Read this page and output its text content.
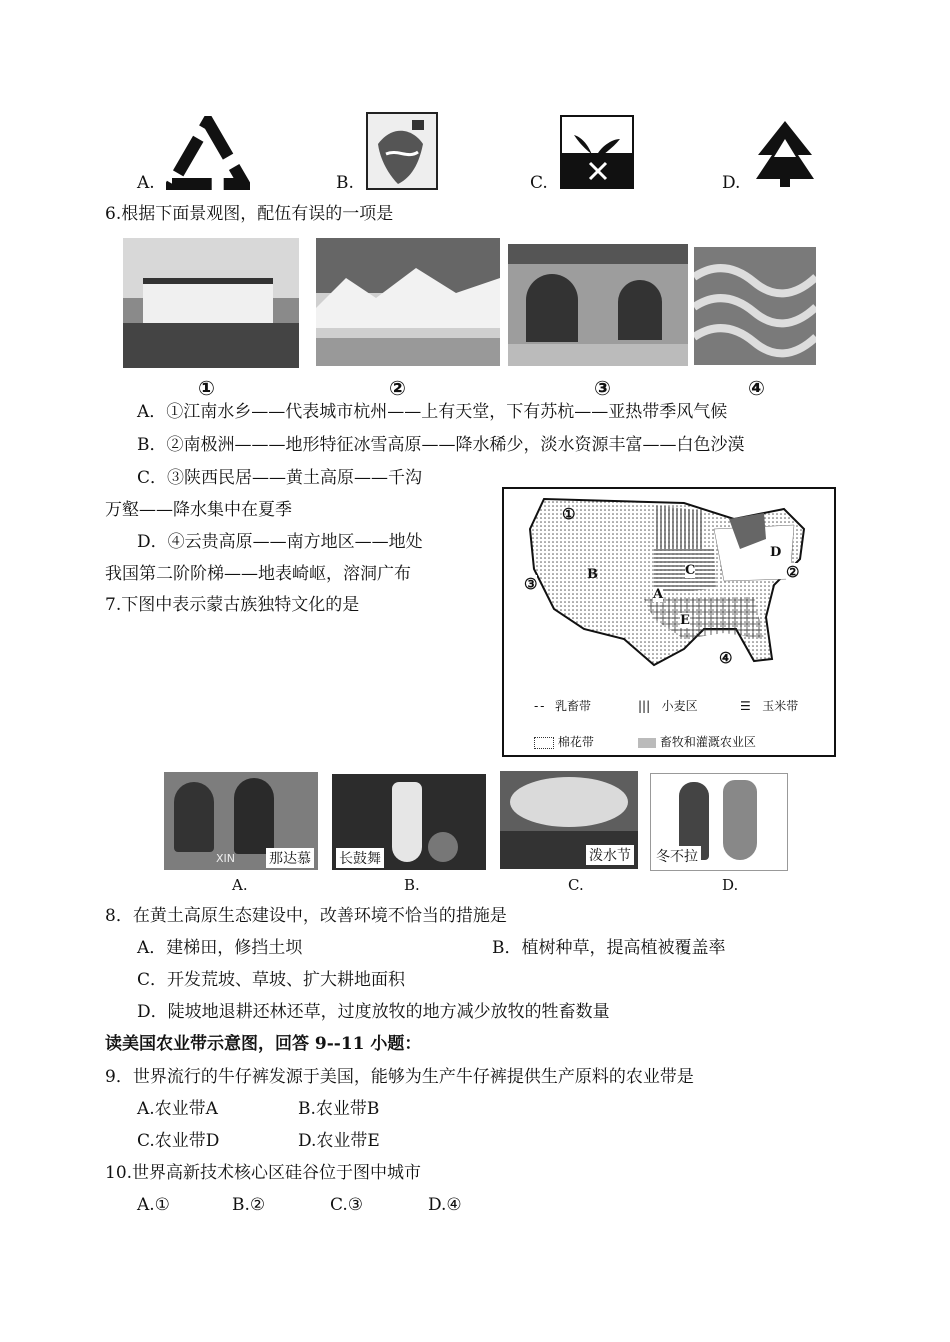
A.	B.	C.	D.
6.根据下面景观图，配伍有误的一项是
①	②	③	④
A．①江南水乡——代表城市杭州——上有天堂，下有苏杭——亚热带季风气候
B．②南极洲———地形特征冰雪高原——降水稀少，淡水资源丰富——白色沙漠
C．③陕西民居——黄土高原——千沟
万壑——降水集中在夏季
D．④云贵高原——南方地区——地处
我国第二阶阶梯——地表崎岖，溶洞广布
7.下图中表示蒙古族独特文化的是
B	C
D
A
E
①
②
③
④
- - 乳畜带	||| 小麦区	☰ 玉米带
棉花带	畜牧和灌溉农业区
XIN 那达慕 长鼓舞	泼水节 冬不拉
A.	B.	C.	D.
8．在黄土高原生态建设中，改善环境不恰当的措施是
A．建梯田，修挡土坝	B．植树种草，提高植被覆盖率
C．开发荒坡、草坡、扩大耕地面积
D．陡坡地退耕还林还草，过度放牧的地方减少放牧的牲畜数量
读美国农业带示意图，回答 9--11 小题：
9．世界流行的牛仔裤发源于美国，能够为生产牛仔裤提供生产原料的农业带是
A.农业带A	B.农业带B
C.农业带D	D.农业带E
10.世界高新技术核心区硅谷位于图中城市
A.①	B.②	C.③	D.④
